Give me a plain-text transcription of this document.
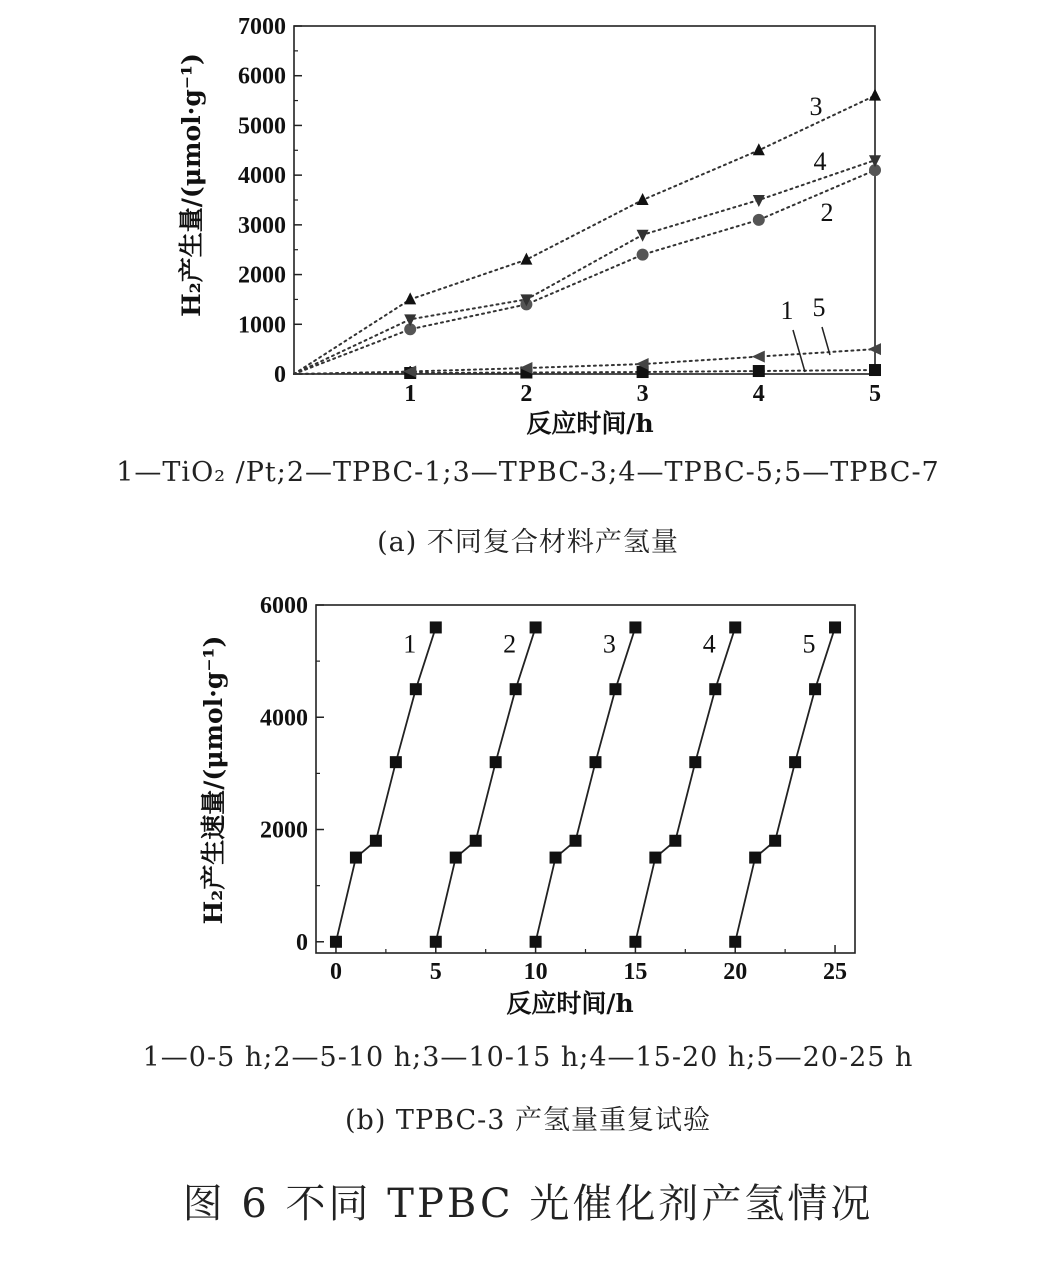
0
1000
2000
3000
4000
5000
6000
7000
1	2	3	4	5
1
2
3
4
5
反应时间/h
H₂产生量/(μmol·g⁻¹)
0
2000
4000
6000
0	5	10	15	20	25
1	2	3	4	5
反应时间/h
H₂产生速量/(μmol·g⁻¹)
1—TiO₂ /Pt;2—TPBC-1;3—TPBC-3;4—TPBC-5;5—TPBC-7
(a) 不同复合材料产氢量
1—0-5 h;2—5-10 h;3—10-15 h;4—15-20 h;5—20-25 h
(b) TPBC-3 产氢量重复试验
图 6 不同 TPBC 光催化剂产氢情况
